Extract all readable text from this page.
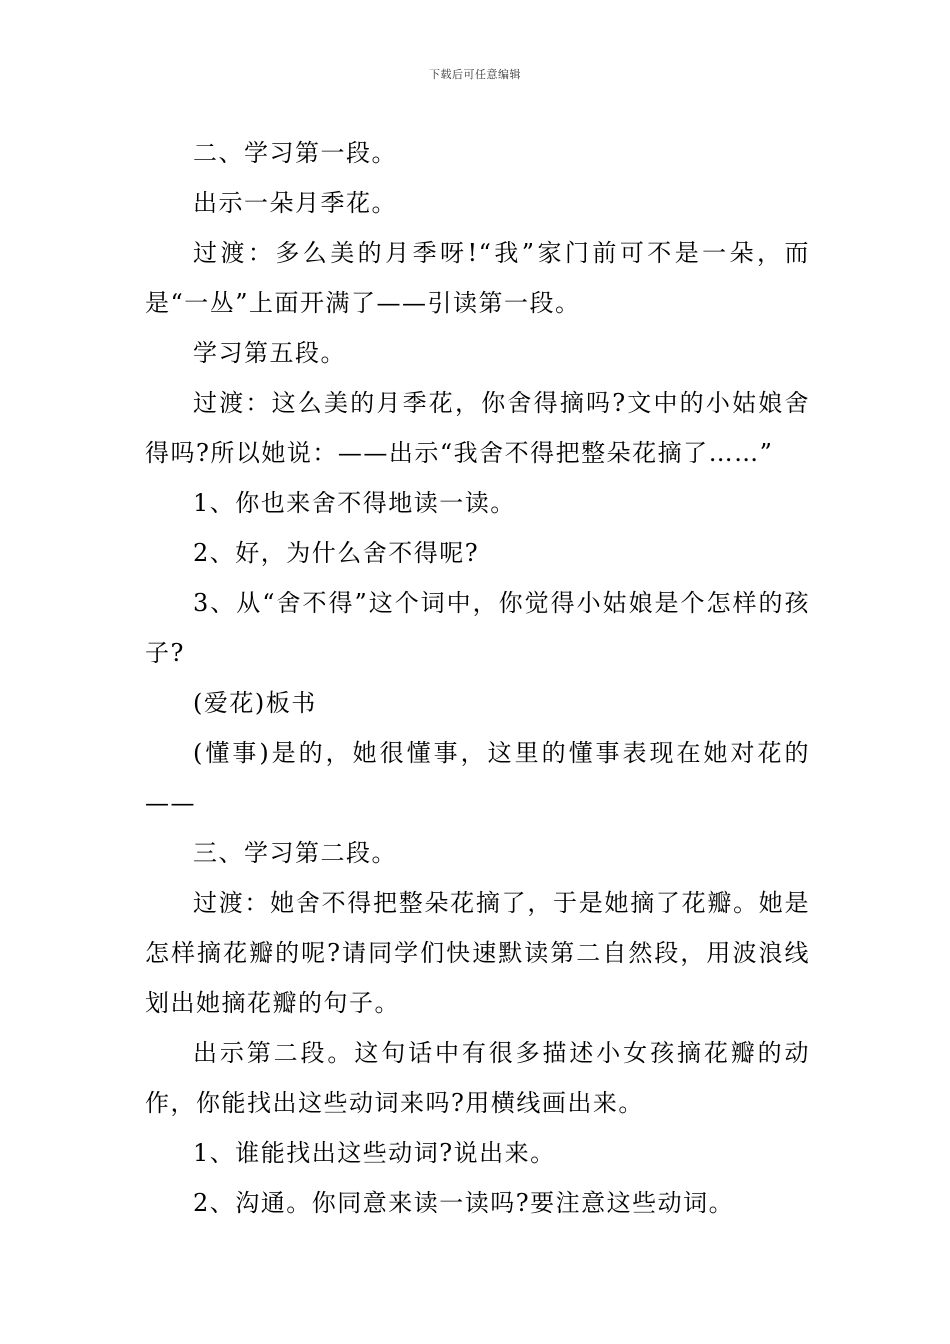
下载后可任意编辑

二、学习第一段。

出示一朵月季花。

过渡：多么美的月季呀!“我”家门前可不是一朵，而是“一丛”上面开满了——引读第一段。

学习第五段。

过渡：这么美的月季花，你舍得摘吗?文中的小姑娘舍得吗?所以她说：——出示“我舍不得把整朵花摘了……”

1、你也来舍不得地读一读。

2、好，为什么舍不得呢?

3、从“舍不得”这个词中，你觉得小姑娘是个怎样的孩子?

(爱花)板书

(懂事)是的，她很懂事，这里的懂事表现在她对花的——

三、学习第二段。

过渡：她舍不得把整朵花摘了，于是她摘了花瓣。她是怎样摘花瓣的呢?请同学们快速默读第二自然段，用波浪线划出她摘花瓣的句子。

出示第二段。这句话中有很多描述小女孩摘花瓣的动作，你能找出这些动词来吗?用横线画出来。

1、谁能找出这些动词?说出来。

2、沟通。你同意来读一读吗?要注意这些动词。
